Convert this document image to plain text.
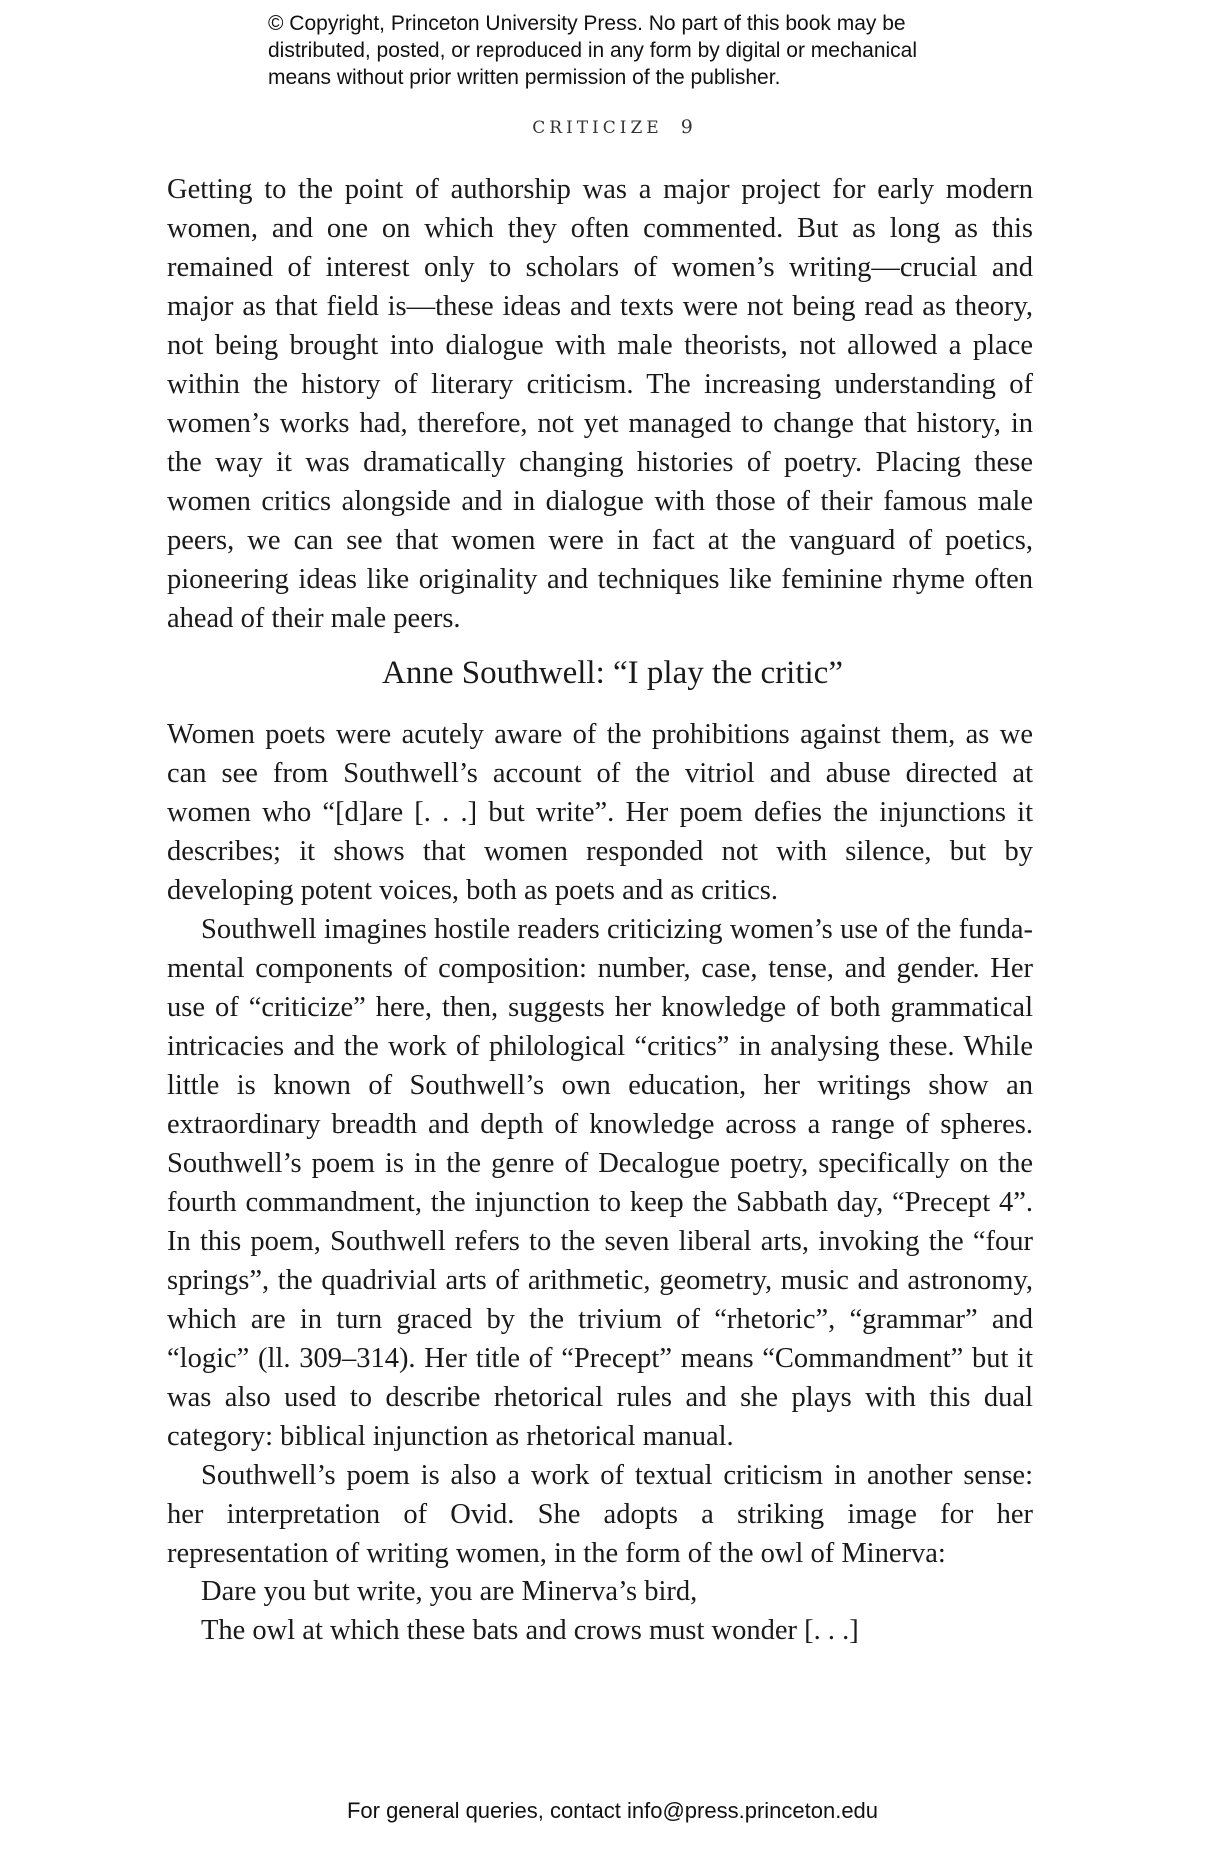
© Copyright, Princeton University Press. No part of this book may be
distributed, posted, or reproduced in any form by digital or mechanical
means without prior written permission of the publisher.
CRITICIZE 9

Getting to the point of authorship was a major project for early modern women, and one on which they often commented. But as long as this remained of interest only to scholars of women’s writing—crucial and major as that field is—these ideas and texts were not being read as theory, not being brought into dialogue with male theorists, not allowed a place within the history of literary criticism. The increasing understanding of women’s works had, therefore, not yet managed to change that history, in the way it was dramatically changing histories of poetry. Placing these women critics alongside and in dialogue with those of their famous male peers, we can see that women were in fact at the vanguard of poetics, pioneering ideas like originality and techniques like feminine rhyme often ahead of their male peers.

Anne Southwell: “I play the critic”

Women poets were acutely aware of the prohibitions against them, as we can see from Southwell’s account of the vitriol and abuse directed at women who “[d]are [. . .] but write”. Her poem defies the injunctions it describes; it shows that women responded not with silence, but by developing potent voices, both as poets and as critics.

Southwell imagines hostile readers criticizing women’s use of the fundamental components of composition: number, case, tense, and gender. Her use of “criticize” here, then, suggests her knowledge of both grammatical intricacies and the work of philological “critics” in analysing these. While little is known of Southwell’s own education, her writings show an extraordinary breadth and depth of knowledge across a range of spheres. Southwell’s poem is in the genre of Decalogue poetry, specifically on the fourth commandment, the injunction to keep the Sabbath day, “Precept 4”. In this poem, Southwell refers to the seven liberal arts, invoking the “four springs”, the quadrivial arts of arithmetic, geometry, music and astronomy, which are in turn graced by the trivium of “rhetoric”, “grammar” and “logic” (ll. 309–314). Her title of “Precept” means “Commandment” but it was also used to describe rhetorical rules and she plays with this dual category: biblical injunction as rhetorical manual.

Southwell’s poem is also a work of textual criticism in another sense: her interpretation of Ovid. She adopts a striking image for her representation of writing women, in the form of the owl of Minerva:

Dare you but write, you are Minerva’s bird,
The owl at which these bats and crows must wonder [. . .]
For general queries, contact info@press.princeton.edu
